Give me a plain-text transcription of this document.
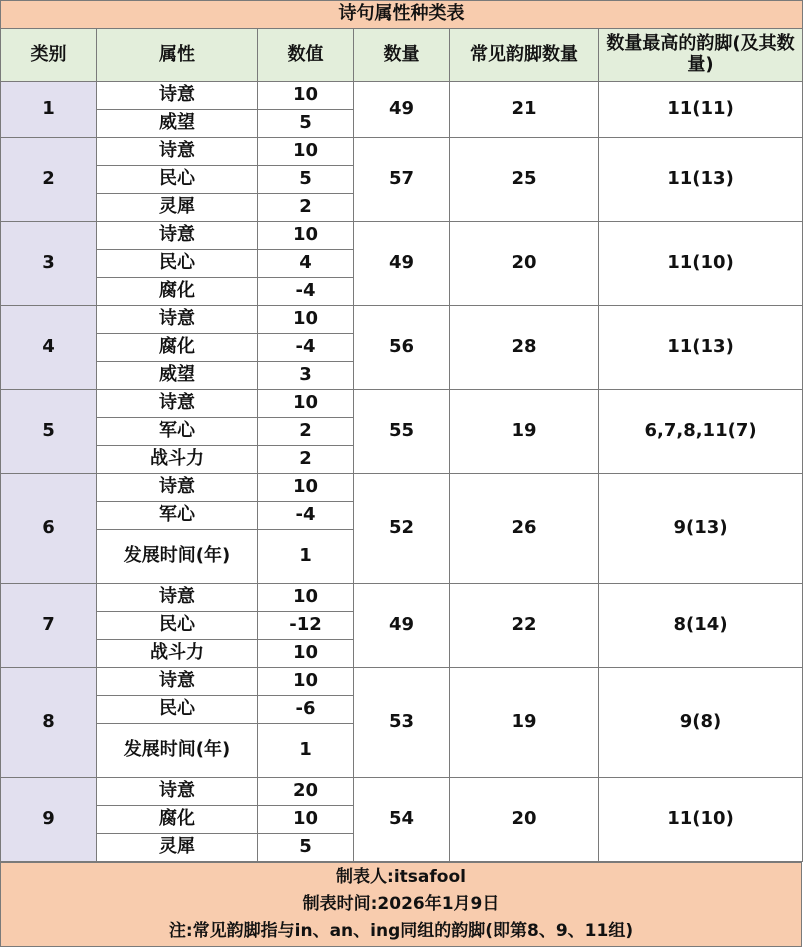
诗句属性种类表					
类别	属性	数值	数量	常见韵脚数量	数量最高的韵脚(及其数量)
1	诗意	10	49	21	11(11)
	威望	5			
2	诗意	10	57	25	11(13)
	民心	5			
	灵犀	2			
3	诗意	10	49	20	11(10)
	民心	4			
	腐化	-4			
4	诗意	10	56	28	11(13)
	腐化	-4			
	威望	3			
5	诗意	10	55	19	6,7,8,11(7)
	军心	2			
	战斗力	2			
6	诗意	10	52	26	9(13)
	军心	-4			
	发展时间(年)	1			
7	诗意	10	49	22	8(14)
	民心	-12			
	战斗力	10			
8	诗意	10	53	19	9(8)
	民心	-6			
	发展时间(年)	1			
9	诗意	20	54	20	11(10)
	腐化	10			
	灵犀	5			
制表人:itsafool
制表时间:2026年1月9日
注:常见韵脚指与in、an、ing同组的韵脚(即第8、9、11组)
